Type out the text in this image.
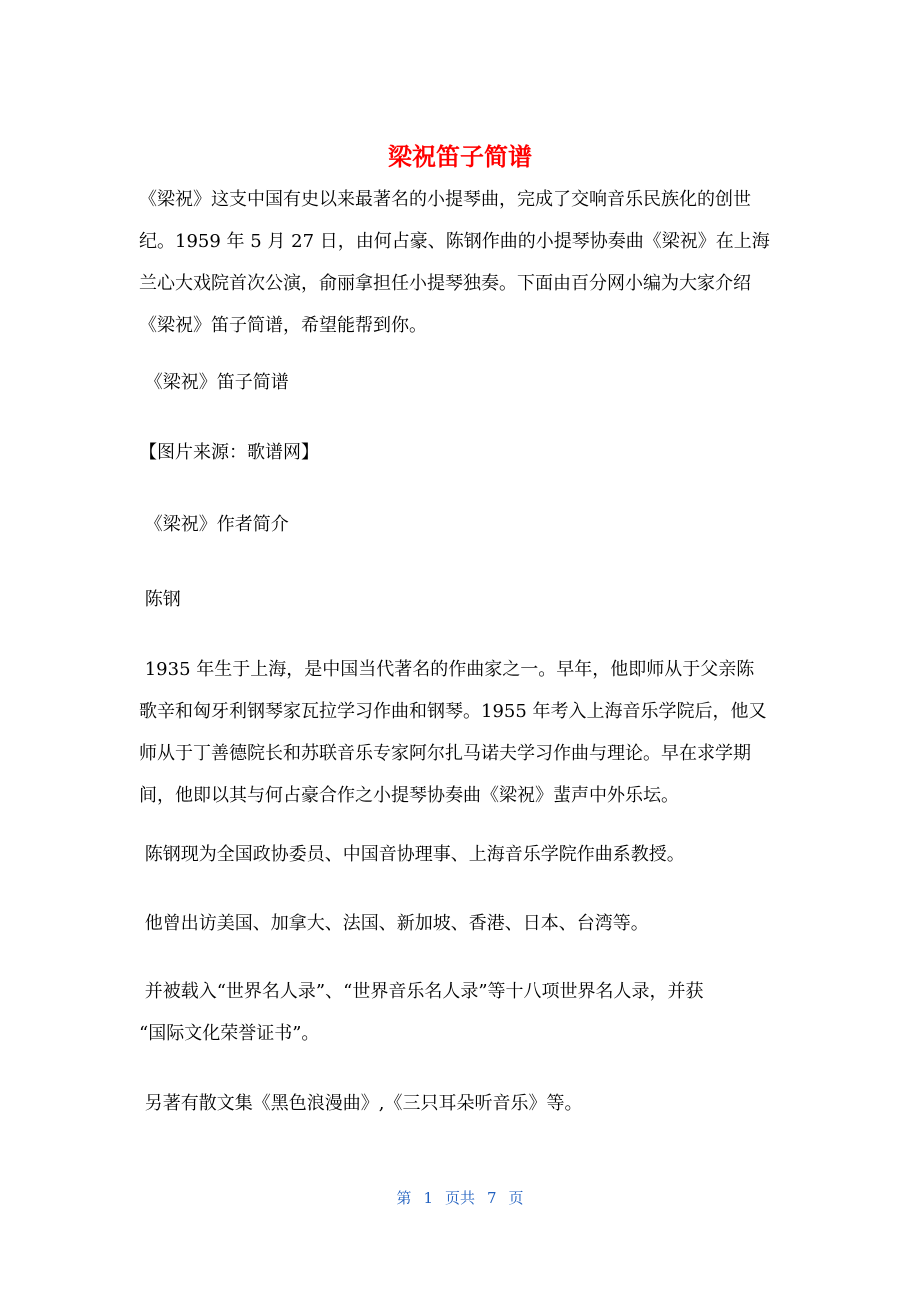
梁祝笛子简谱
《梁祝》这支中国有史以来最著名的小提琴曲，完成了交响音乐民族化的创世
纪。1959 年 5 月 27 日，由何占豪、陈钢作曲的小提琴协奏曲《梁祝》在上海
兰心大戏院首次公演，俞丽拿担任小提琴独奏。下面由百分网小编为大家介绍
《梁祝》笛子简谱，希望能帮到你。
《梁祝》笛子简谱
【图片来源：歌谱网】
《梁祝》作者简介
陈钢
1935 年生于上海，是中国当代著名的作曲家之一。早年，他即师从于父亲陈
歌辛和匈牙利钢琴家瓦拉学习作曲和钢琴。1955 年考入上海音乐学院后，他又
师从于丁善德院长和苏联音乐专家阿尔扎马诺夫学习作曲与理论。早在求学期
间，他即以其与何占豪合作之小提琴协奏曲《梁祝》蜚声中外乐坛。
陈钢现为全国政协委员、中国音协理事、上海音乐学院作曲系教授。
他曾出访美国、加拿大、法国、新加坡、香港、日本、台湾等。
并被载入“世界名人录”、“世界音乐名人录”等十八项世界名人录，并获
“国际文化荣誉证书”。
另著有散文集《黑色浪漫曲》,《三只耳朵听音乐》等。
第 1 页共 7 页
